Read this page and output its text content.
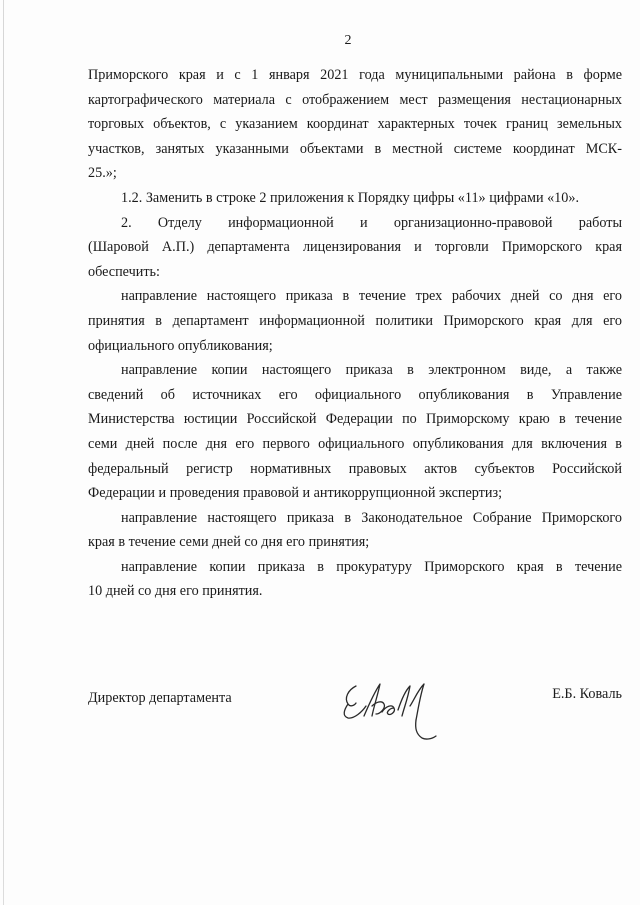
2
Приморского края и с 1 января 2021 года муниципальными района в форме
картографического материала с отображением мест размещения нестационарных
торговых объектов, с указанием координат характерных точек границ земельных
участков, занятых указанными объектами в местной системе координат МСК-
25.»;
1.2. Заменить в строке 2 приложения к Порядку цифры «11» цифрами «10».
2. Отделу информационной и организационно-правовой работы
(Шаровой А.П.) департамента лицензирования и торговли Приморского края
обеспечить:
направление настоящего приказа в течение трех рабочих дней со дня его
принятия в департамент информационной политики Приморского края для его
официального опубликования;
направление копии настоящего приказа в электронном виде, а также
сведений об источниках его официального опубликования в Управление
Министерства юстиции Российской Федерации по Приморскому краю в течение
семи дней после дня его первого официального опубликования для включения в
федеральный регистр нормативных правовых актов субъектов Российской
Федерации и проведения правовой и антикоррупционной экспертиз;
направление настоящего приказа в Законодательное Собрание Приморского
края в течение семи дней со дня его принятия;
направление копии приказа в прокуратуру Приморского края в течение
10 дней со дня его принятия.
Директор департамента	Е.Б. Коваль
